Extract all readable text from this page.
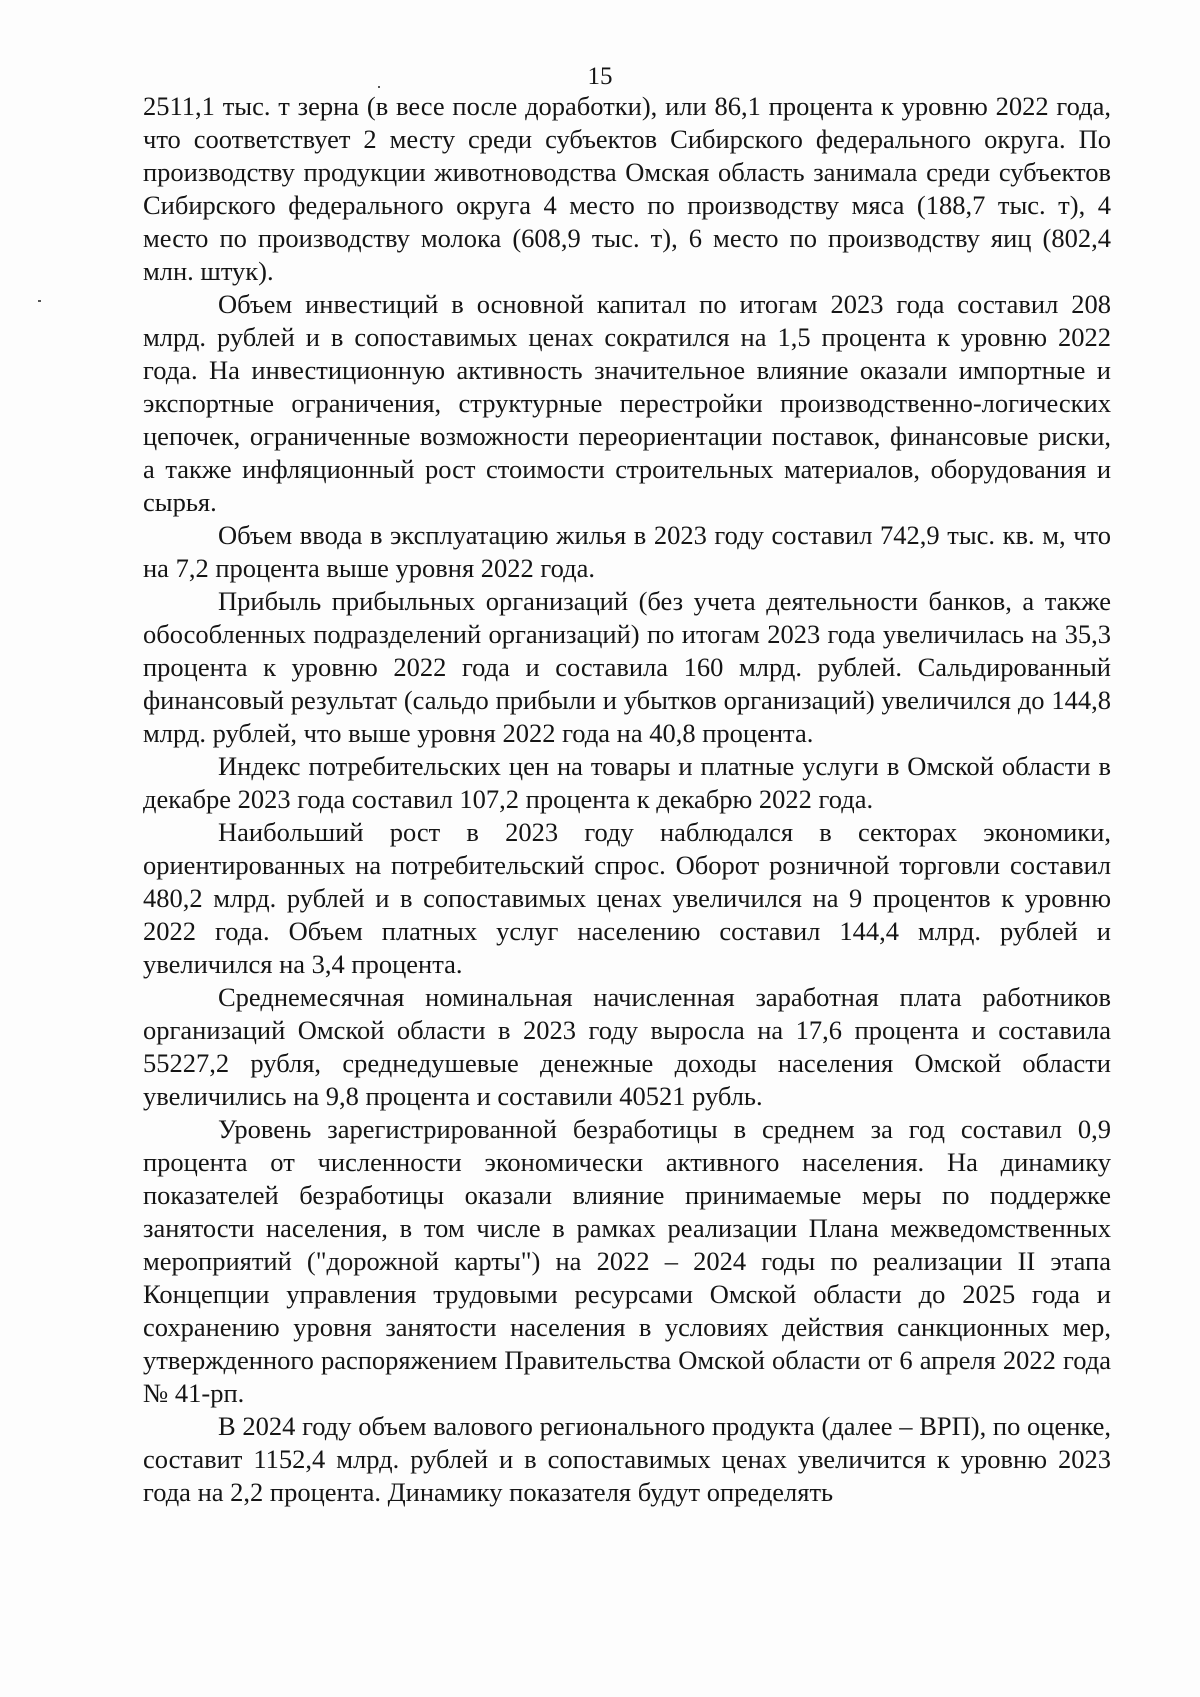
15

2511,1 тыс. т зерна (в весе после доработки), или 86,1 процента к уровню 2022 года, что соответствует 2 месту среди субъектов Сибирского федерального округа. По производству продукции животноводства Омская область занимала среди субъектов Сибирского федерального округа 4 место по производству мяса (188,7 тыс. т), 4 место по производству молока (608,9 тыс. т), 6 место по производству яиц (802,4 млн. штук).

Объем инвестиций в основной капитал по итогам 2023 года составил 208 млрд. рублей и в сопоставимых ценах сократился на 1,5 процента к уровню 2022 года. На инвестиционную активность значительное влияние оказали импортные и экспортные ограничения, структурные перестройки производственно-логических цепочек, ограниченные возможности переориентации поставок, финансовые риски, а также инфляционный рост стоимости строительных материалов, оборудования и сырья.

Объем ввода в эксплуатацию жилья в 2023 году составил 742,9 тыс. кв. м, что на 7,2 процента выше уровня 2022 года.

Прибыль прибыльных организаций (без учета деятельности банков, а также обособленных подразделений организаций) по итогам 2023 года увеличилась на 35,3 процента к уровню 2022 года и составила 160 млрд. рублей. Сальдированный финансовый результат (сальдо прибыли и убытков организаций) увеличился до 144,8 млрд. рублей, что выше уровня 2022 года на 40,8 процента.

Индекс потребительских цен на товары и платные услуги в Омской области в декабре 2023 года составил 107,2 процента к декабрю 2022 года.

Наибольший рост в 2023 году наблюдался в секторах экономики, ориентированных на потребительский спрос. Оборот розничной торговли составил 480,2 млрд. рублей и в сопоставимых ценах увеличился на 9 процентов к уровню 2022 года. Объем платных услуг населению составил 144,4 млрд. рублей и увеличился на 3,4 процента.

Среднемесячная номинальная начисленная заработная плата работников организаций Омской области в 2023 году выросла на 17,6 процента и составила 55227,2 рубля, среднедушевые денежные доходы населения Омской области увеличились на 9,8 процента и составили 40521 рубль.

Уровень зарегистрированной безработицы в среднем за год составил 0,9 процента от численности экономически активного населения. На динамику показателей безработицы оказали влияние принимаемые меры по поддержке занятости населения, в том числе в рамках реализации Плана межведомственных мероприятий ("дорожной карты") на 2022 – 2024 годы по реализации II этапа Концепции управления трудовыми ресурсами Омской области до 2025 года и сохранению уровня занятости населения в условиях действия санкционных мер, утвержденного распоряжением Правительства Омской области от 6 апреля 2022 года № 41-рп.

В 2024 году объем валового регионального продукта (далее – ВРП), по оценке, составит 1152,4 млрд. рублей и в сопоставимых ценах увеличится к уровню 2023 года на 2,2 процента. Динамику показателя будут определять
